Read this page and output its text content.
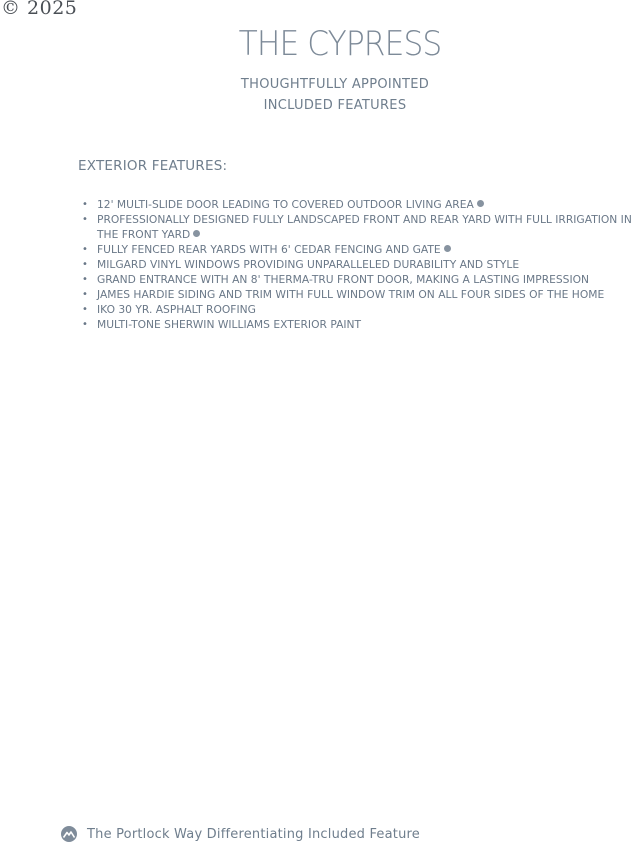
© 2025
THE CYPRESS
THOUGHTFULLY APPOINTED
INCLUDED FEATURES
EXTERIOR FEATURES:
• 12' MULTI-SLIDE DOOR LEADING TO COVERED OUTDOOR LIVING AREA
• PROFESSIONALLY DESIGNED FULLY LANDSCAPED FRONT AND REAR YARD WITH FULL IRRIGATION IN THE FRONT YARD
• FULLY FENCED REAR YARDS WITH 6' CEDAR FENCING AND GATE
• MILGARD VINYL WINDOWS PROVIDING UNPARALLELED DURABILITY AND STYLE
• GRAND ENTRANCE WITH AN 8' THERMA-TRU FRONT DOOR, MAKING A LASTING IMPRESSION
• JAMES HARDIE SIDING AND TRIM WITH FULL WINDOW TRIM ON ALL FOUR SIDES OF THE HOME
• IKO 30 YR. ASPHALT ROOFING
• MULTI-TONE SHERWIN WILLIAMS EXTERIOR PAINT
The Portlock Way Differentiating Included Feature
